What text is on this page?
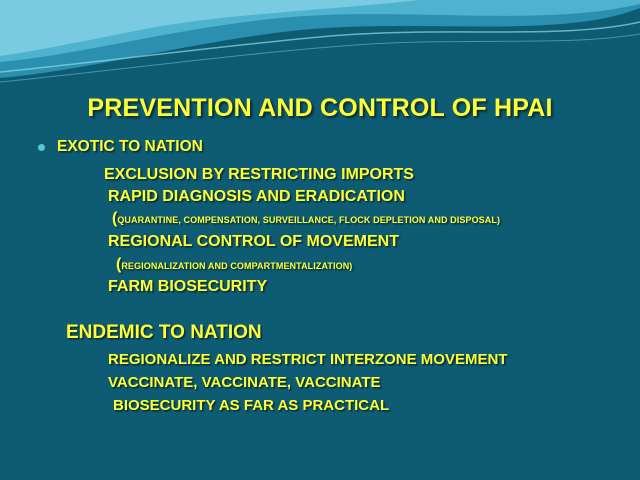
PREVENTION AND CONTROL OF HPAI
EXOTIC TO NATION
EXCLUSION BY RESTRICTING IMPORTS
RAPID DIAGNOSIS AND ERADICATION
(QUARANTINE, COMPENSATION, SURVEILLANCE, FLOCK DEPLETION AND DISPOSAL)
REGIONAL CONTROL OF MOVEMENT
(REGIONALIZATION AND COMPARTMENTALIZATION)
FARM BIOSECURITY
ENDEMIC TO NATION
REGIONALIZE AND RESTRICT INTERZONE MOVEMENT
VACCINATE, VACCINATE, VACCINATE
BIOSECURITY AS FAR AS PRACTICAL
